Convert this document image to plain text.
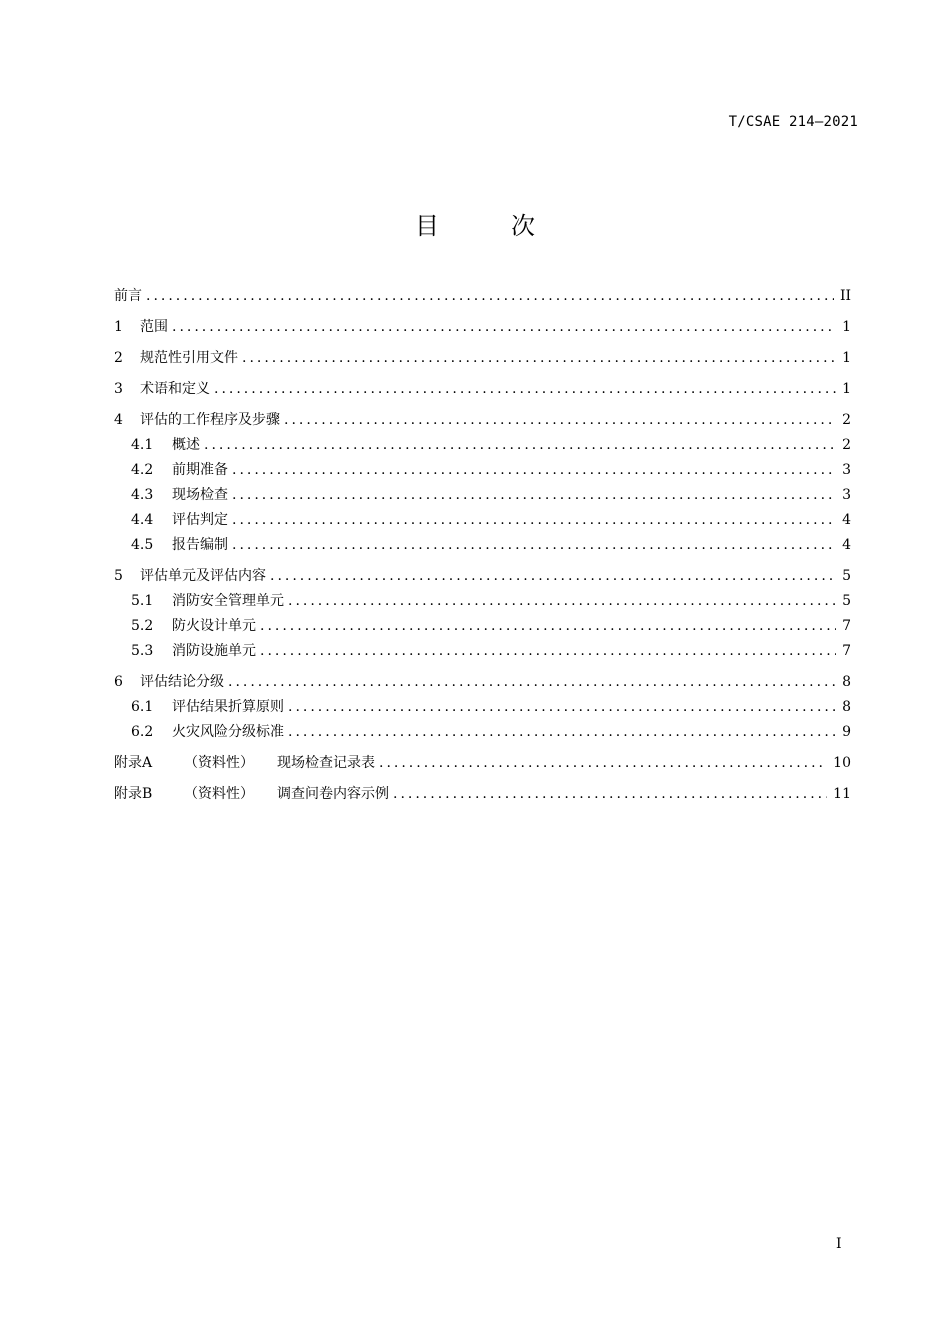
T/CSAE 214—2021
目　次
前言 .....	II
1	范围 .....	1
2	规范性引用文件 .....	1
3	术语和定义 .....	1
4	评估的工作程序及步骤 .....	2
4.1	概述 .....	2
4.2	前期准备 .....	3
4.3	现场检查 .....	3
4.4	评估判定 .....	4
4.5	报告编制 .....	4
5	评估单元及评估内容 .....	5
5.1	消防安全管理单元 .....	5
5.2	防火设计单元 .....	7
5.3	消防设施单元 .....	7
6	评估结论分级 .....	8
6.1	评估结果折算原则 .....	8
6.2	火灾风险分级标准 .....	9
附录A	（资料性） 现场检查记录表 .....	10
附录B	（资料性） 调查问卷内容示例 .....	11
I
